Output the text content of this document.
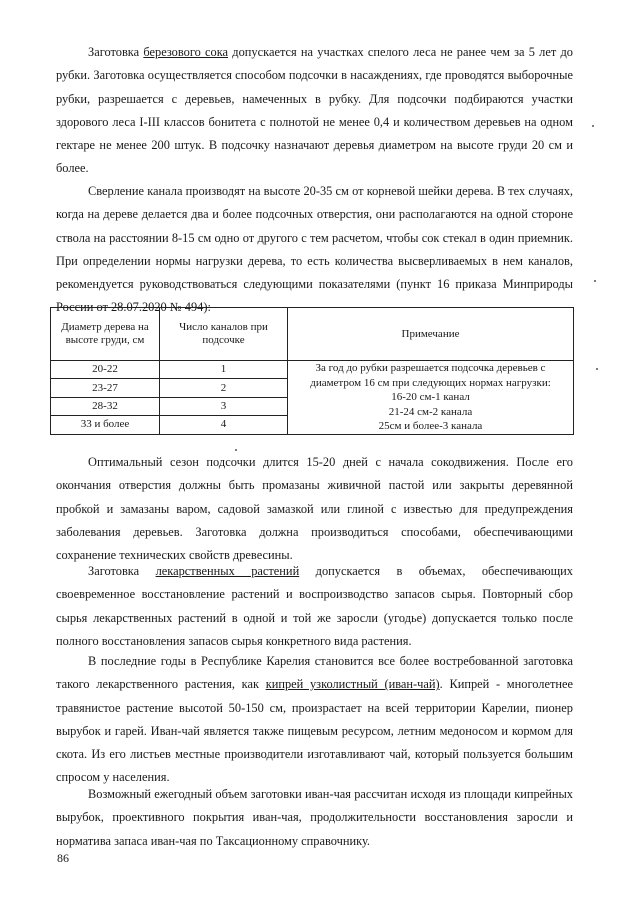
Заготовка березового сока допускается на участках спелого леса не ранее чем за 5 лет до рубки. Заготовка осуществляется способом подсочки в насаждениях, где проводятся выборочные рубки, разрешается с деревьев, намеченных в рубку. Для подсочки подбираются участки здорового леса I-III классов бонитета с полнотой не менее 0,4 и количеством деревьев на одном гектаре не менее 200 штук. В подсочку назначают деревья диаметром на высоте груди 20 см и более.

Сверление канала производят на высоте 20-35 см от корневой шейки дерева. В тех случаях, когда на дереве делается два и более подсочных отверстия, они располагаются на одной стороне ствола на расстоянии 8-15 см одно от другого с тем расчетом, чтобы сок стекал в один приемник. При определении нормы нагрузки дерева, то есть количества высверливаемых в нем каналов, рекомендуется руководствоваться следующими показателями (пункт 16 приказа Минприроды России от 28.07.2020 № 494):

Диаметр дерева на высоте груди, см	Число каналов при подсочке	Примечание
20-22	1	За год до рубки разрешается подсочка деревьев с диаметром 16 см при следующих нормах нагрузки:
16-20 см-1 канал
21-24 см-2 канала
25см и более-3 канала

23-27	2	
28-32	3	
33 и более	4	

Оптимальный сезон подсочки длится 15-20 дней с начала сокодвижения. После его окончания отверстия должны быть промазаны живичной пастой или закрыты деревянной пробкой и замазаны варом, садовой замазкой или глиной с известью для предупреждения заболевания деревьев. Заготовка должна производиться способами, обеспечивающими сохранение технических свойств древесины.

Заготовка лекарственных растений допускается в объемах, обеспечивающих своевременное восстановление растений и воспроизводство запасов сырья. Повторный сбор сырья лекарственных растений в одной и той же заросли (угодье) допускается только после полного восстановления запасов сырья конкретного вида растения.

В последние годы в Республике Карелия становится все более востребованной заготовка такого лекарственного растения, как кипрей узколистный (иван-чай). Кипрей - многолетнее травянистое растение высотой 50-150 см, произрастает на всей территории Карелии, пионер вырубок и гарей. Иван-чай является также пищевым ресурсом, летним медоносом и кормом для скота. Из его листьев местные производители изготавливают чай, который пользуется большим спросом у населения.

Возможный ежегодный объем заготовки иван-чая рассчитан исходя из площади кипрейных вырубок, проективного покрытия иван-чая, продолжительности восстановления заросли и норматива запаса иван-чая по Таксационному справочнику.

86
